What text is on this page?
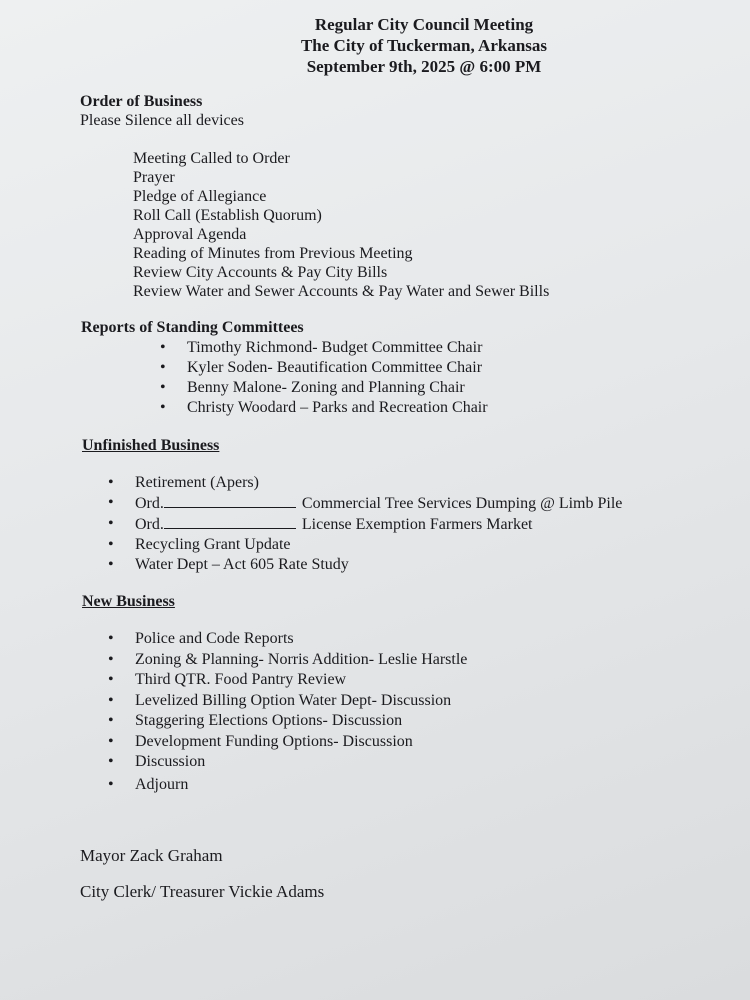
Regular City Council Meeting
The City of Tuckerman, Arkansas
September 9th, 2025 @ 6:00 PM
Order of Business
Please Silence all devices
Meeting Called to Order
Prayer
Pledge of Allegiance
Roll Call (Establish Quorum)
Approval Agenda
Reading of Minutes from Previous Meeting
Review City Accounts & Pay City Bills
Review Water and Sewer Accounts & Pay Water and Sewer Bills
Reports of Standing Committees
• Timothy Richmond- Budget Committee Chair
• Kyler Soden- Beautification Committee Chair
• Benny Malone- Zoning and Planning Chair
• Christy Woodard – Parks and Recreation Chair
Unfinished Business
• Retirement (Apers)
• Ord.	Commercial Tree Services Dumping @ Limb Pile
• Ord.	License Exemption Farmers Market
• Recycling Grant Update
• Water Dept – Act 605 Rate Study
New Business
• Police and Code Reports
• Zoning & Planning- Norris Addition- Leslie Harstle
• Third QTR. Food Pantry Review
• Levelized Billing Option Water Dept- Discussion
• Staggering Elections Options- Discussion
• Development Funding Options- Discussion
• Discussion
• Adjourn
Mayor Zack Graham
City Clerk/ Treasurer Vickie Adams
